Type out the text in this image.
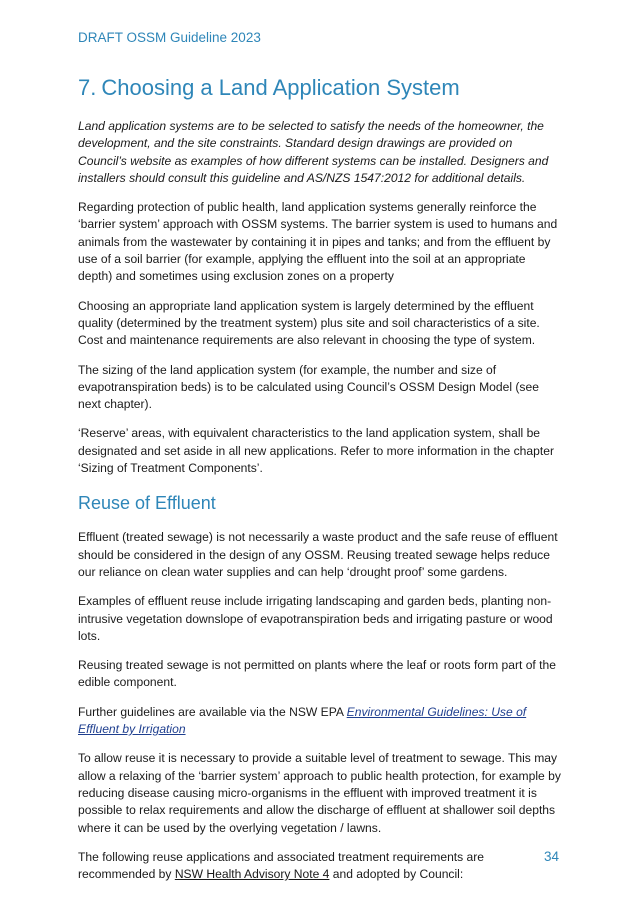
DRAFT OSSM Guideline 2023
7. Choosing a Land Application System

Land application systems are to be selected to satisfy the needs of the homeowner, the development, and the site constraints. Standard design drawings are provided on Council’s website as examples of how different systems can be installed. Designers and installers should consult this guideline and AS/NZS 1547:2012 for additional details.

Regarding protection of public health, land application systems generally reinforce the ‘barrier system’ approach with OSSM systems. The barrier system is used to humans and animals from the wastewater by containing it in pipes and tanks; and from the effluent by use of a soil barrier (for example, applying the effluent into the soil at an appropriate depth) and sometimes using exclusion zones on a property

Choosing an appropriate land application system is largely determined by the effluent quality (determined by the treatment system) plus site and soil characteristics of a site. Cost and maintenance requirements are also relevant in choosing the type of system.

The sizing of the land application system (for example, the number and size of evapotranspiration beds) is to be calculated using Council’s OSSM Design Model (see next chapter).

‘Reserve’ areas, with equivalent characteristics to the land application system, shall be designated and set aside in all new applications. Refer to more information in the chapter ‘Sizing of Treatment Components’.

Reuse of Effluent

Effluent (treated sewage) is not necessarily a waste product and the safe reuse of effluent should be considered in the design of any OSSM. Reusing treated sewage helps reduce our reliance on clean water supplies and can help ‘drought proof’ some gardens.

Examples of effluent reuse include irrigating landscaping and garden beds, planting non-intrusive vegetation downslope of evapotranspiration beds and irrigating pasture or wood lots.

Reusing treated sewage is not permitted on plants where the leaf or roots form part of the edible component.

Further guidelines are available via the NSW EPA Environmental Guidelines: Use of Effluent by Irrigation

To allow reuse it is necessary to provide a suitable level of treatment to sewage. This may allow a relaxing of the ‘barrier system’ approach to public health protection, for example by reducing disease causing micro-organisms in the effluent with improved treatment it is possible to relax requirements and allow the discharge of effluent at shallower soil depths where it can be used by the overlying vegetation / lawns.

The following reuse applications and associated treatment requirements are recommended by NSW Health Advisory Note 4 and adopted by Council:

34
